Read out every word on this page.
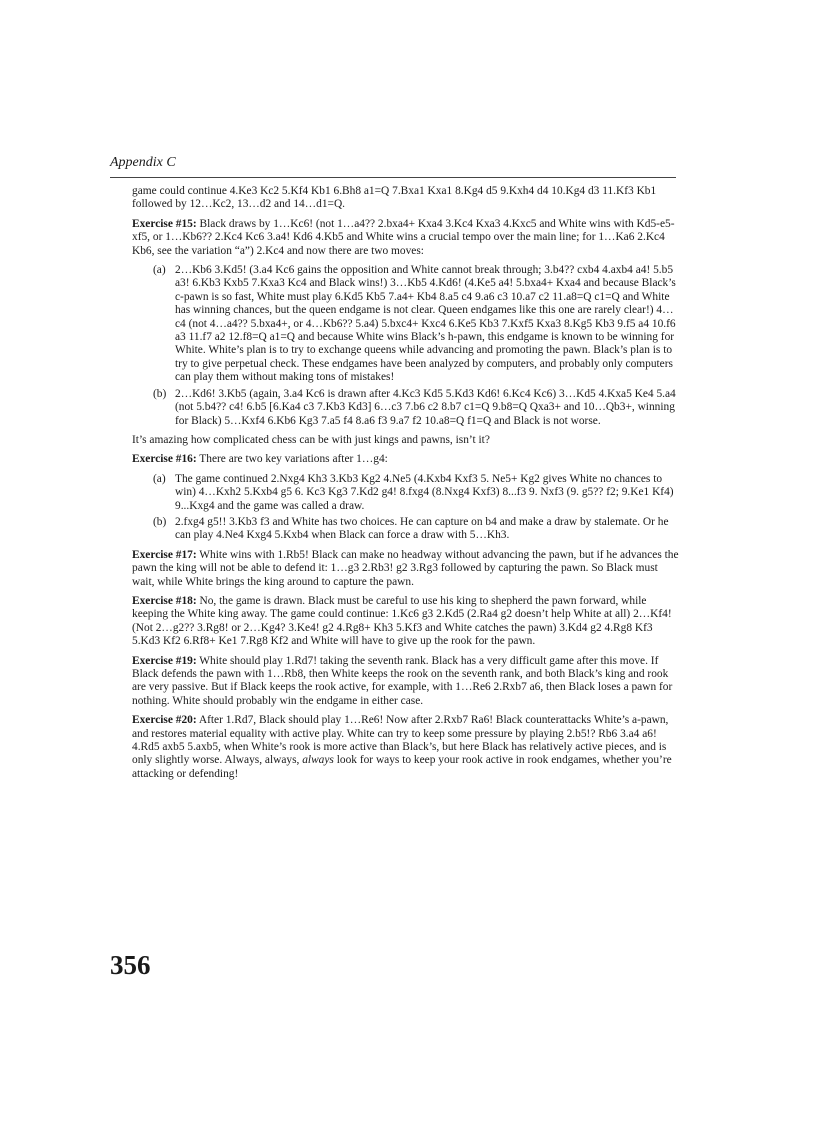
Appendix C

game could continue 4.Ke3 Kc2 5.Kf4 Kb1 6.Bh8 a1=Q 7.Bxa1 Kxa1 8.Kg4 d5 9.Kxh4 d4 10.Kg4 d3 11.Kf3 Kb1 followed by 12…Kc2, 13…d2 and 14…d1=Q.

Exercise #15: Black draws by 1…Kc6! (not 1…a4?? 2.bxa4+ Kxa4 3.Kc4 Kxa3 4.Kxc5 and White wins with Kd5-e5-xf5, or 1…Kb6?? 2.Kc4 Kc6 3.a4! Kd6 4.Kb5 and White wins a crucial tempo over the main line; for 1…Ka6 2.Kc4 Kb6, see the variation “a”) 2.Kc4 and now there are two moves:

(a) 2…Kb6 3.Kd5! (3.a4 Kc6 gains the opposition and White cannot break through; 3.b4?? cxb4 4.axb4 a4! 5.b5 a3! 6.Kb3 Kxb5 7.Kxa3 Kc4 and Black wins!) 3…Kb5 4.Kd6! (4.Ke5 a4! 5.bxa4+ Kxa4 and because Black’s c-pawn is so fast, White must play 6.Kd5 Kb5 7.a4+ Kb4 8.a5 c4 9.a6 c3 10.a7 c2 11.a8=Q c1=Q and White has winning chances, but the queen endgame is not clear. Queen endgames like this one are rarely clear!) 4…c4 (not 4…a4?? 5.bxa4+, or 4…Kb6?? 5.a4) 5.bxc4+ Kxc4 6.Ke5 Kb3 7.Kxf5 Kxa3 8.Kg5 Kb3 9.f5 a4 10.f6 a3 11.f7 a2 12.f8=Q a1=Q and because White wins Black’s h-pawn, this endgame is known to be winning for White. White’s plan is to try to exchange queens while advancing and promoting the pawn. Black’s plan is to try to give perpetual check. These endgames have been analyzed by computers, and probably only computers can play them without making tons of mistakes!
(b) 2…Kd6! 3.Kb5 (again, 3.a4 Kc6 is drawn after 4.Kc3 Kd5 5.Kd3 Kd6! 6.Kc4 Kc6) 3…Kd5 4.Kxa5 Ke4 5.a4 (not 5.b4?? c4! 6.b5 [6.Ka4 c3 7.Kb3 Kd3] 6…c3 7.b6 c2 8.b7 c1=Q 9.b8=Q Qxa3+ and 10…Qb3+, winning for Black) 5…Kxf4 6.Kb6 Kg3 7.a5 f4 8.a6 f3 9.a7 f2 10.a8=Q f1=Q and Black is not worse.

It’s amazing how complicated chess can be with just kings and pawns, isn’t it?

Exercise #16: There are two key variations after 1…g4:

(a) The game continued 2.Nxg4 Kh3 3.Kb3 Kg2 4.Ne5 (4.Kxb4 Kxf3 5. Ne5+ Kg2 gives White no chances to win) 4…Kxh2 5.Kxb4 g5 6. Kc3 Kg3 7.Kd2 g4! 8.fxg4 (8.Nxg4 Kxf3) 8...f3 9. Nxf3 (9. g5?? f2; 9.Ke1 Kf4) 9...Kxg4 and the game was called a draw.
(b) 2.fxg4 g5!! 3.Kb3 f3 and White has two choices. He can capture on b4 and make a draw by stalemate. Or he can play 4.Ne4 Kxg4 5.Kxb4 when Black can force a draw with 5…Kh3.

Exercise #17: White wins with 1.Rb5! Black can make no headway without advancing the pawn, but if he advances the pawn the king will not be able to defend it: 1…g3 2.Rb3! g2 3.Rg3 followed by capturing the pawn. So Black must wait, while White brings the king around to capture the pawn.

Exercise #18: No, the game is drawn. Black must be careful to use his king to shepherd the pawn forward, while keeping the White king away. The game could continue: 1.Kc6 g3 2.Kd5 (2.Ra4 g2 doesn’t help White at all) 2…Kf4! (Not 2…g2?? 3.Rg8! or 2…Kg4? 3.Ke4! g2 4.Rg8+ Kh3 5.Kf3 and White catches the pawn) 3.Kd4 g2 4.Rg8 Kf3 5.Kd3 Kf2 6.Rf8+ Ke1 7.Rg8 Kf2 and White will have to give up the rook for the pawn.

Exercise #19: White should play 1.Rd7! taking the seventh rank. Black has a very difficult game after this move. If Black defends the pawn with 1…Rb8, then White keeps the rook on the seventh rank, and both Black’s king and rook are very passive. But if Black keeps the rook active, for example, with 1…Re6 2.Rxb7 a6, then Black loses a pawn for nothing. White should probably win the endgame in either case.

Exercise #20: After 1.Rd7, Black should play 1…Re6! Now after 2.Rxb7 Ra6! Black counterattacks White’s a-pawn, and restores material equality with active play. White can try to keep some pressure by playing 2.b5!? Rb6 3.a4 a6! 4.Rd5 axb5 5.axb5, when White’s rook is more active than Black’s, but here Black has relatively active pieces, and is only slightly worse. Always, always, always look for ways to keep your rook active in rook endgames, whether you’re attacking or defending!

356
